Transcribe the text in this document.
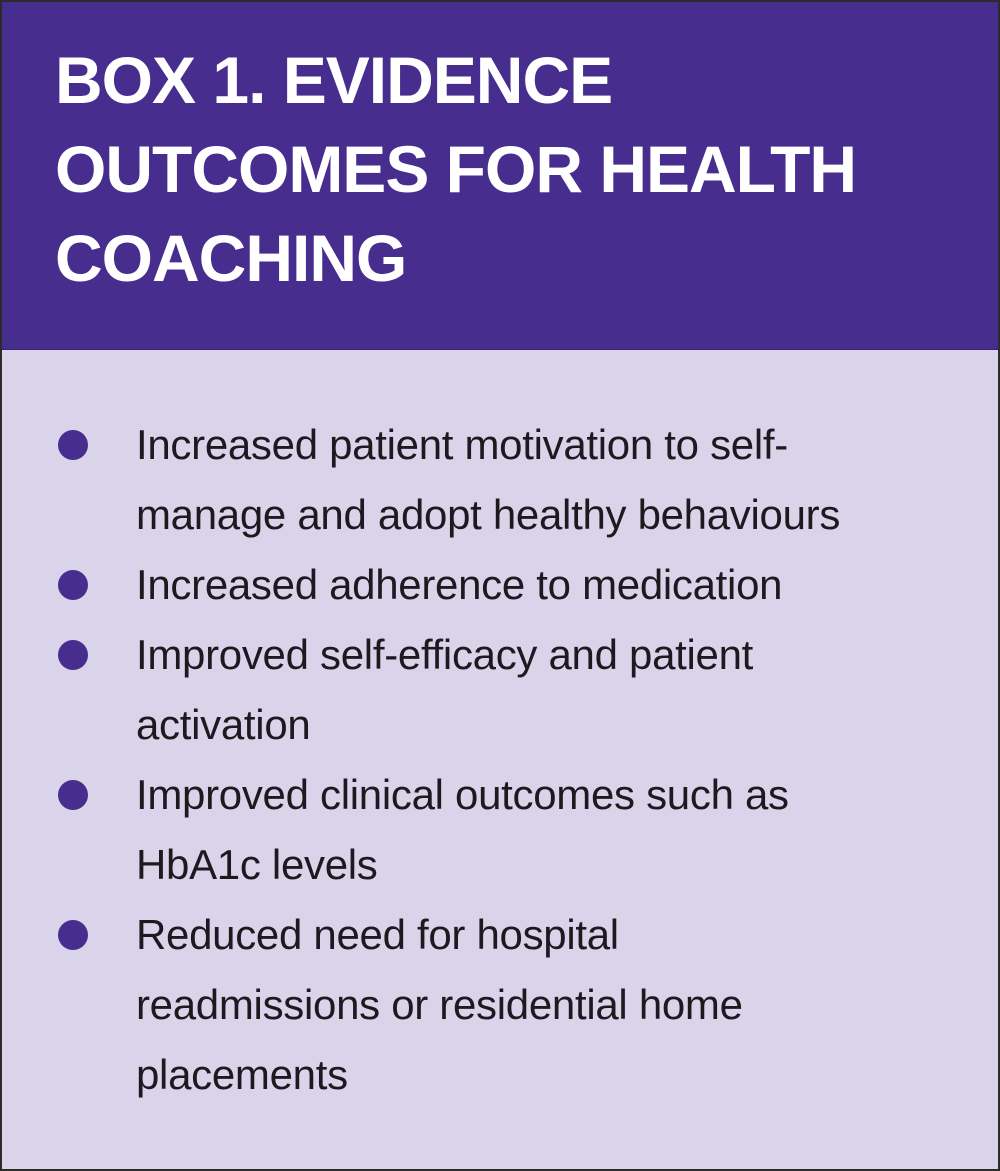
BOX 1. EVIDENCE
OUTCOMES FOR HEALTH
COACHING
Increased patient motivation to self-
manage and adopt healthy behaviours
Increased adherence to medication
Improved self-efficacy and patient
activation
Improved clinical outcomes such as
HbA1c levels
Reduced need for hospital
readmissions or residential home
placements
